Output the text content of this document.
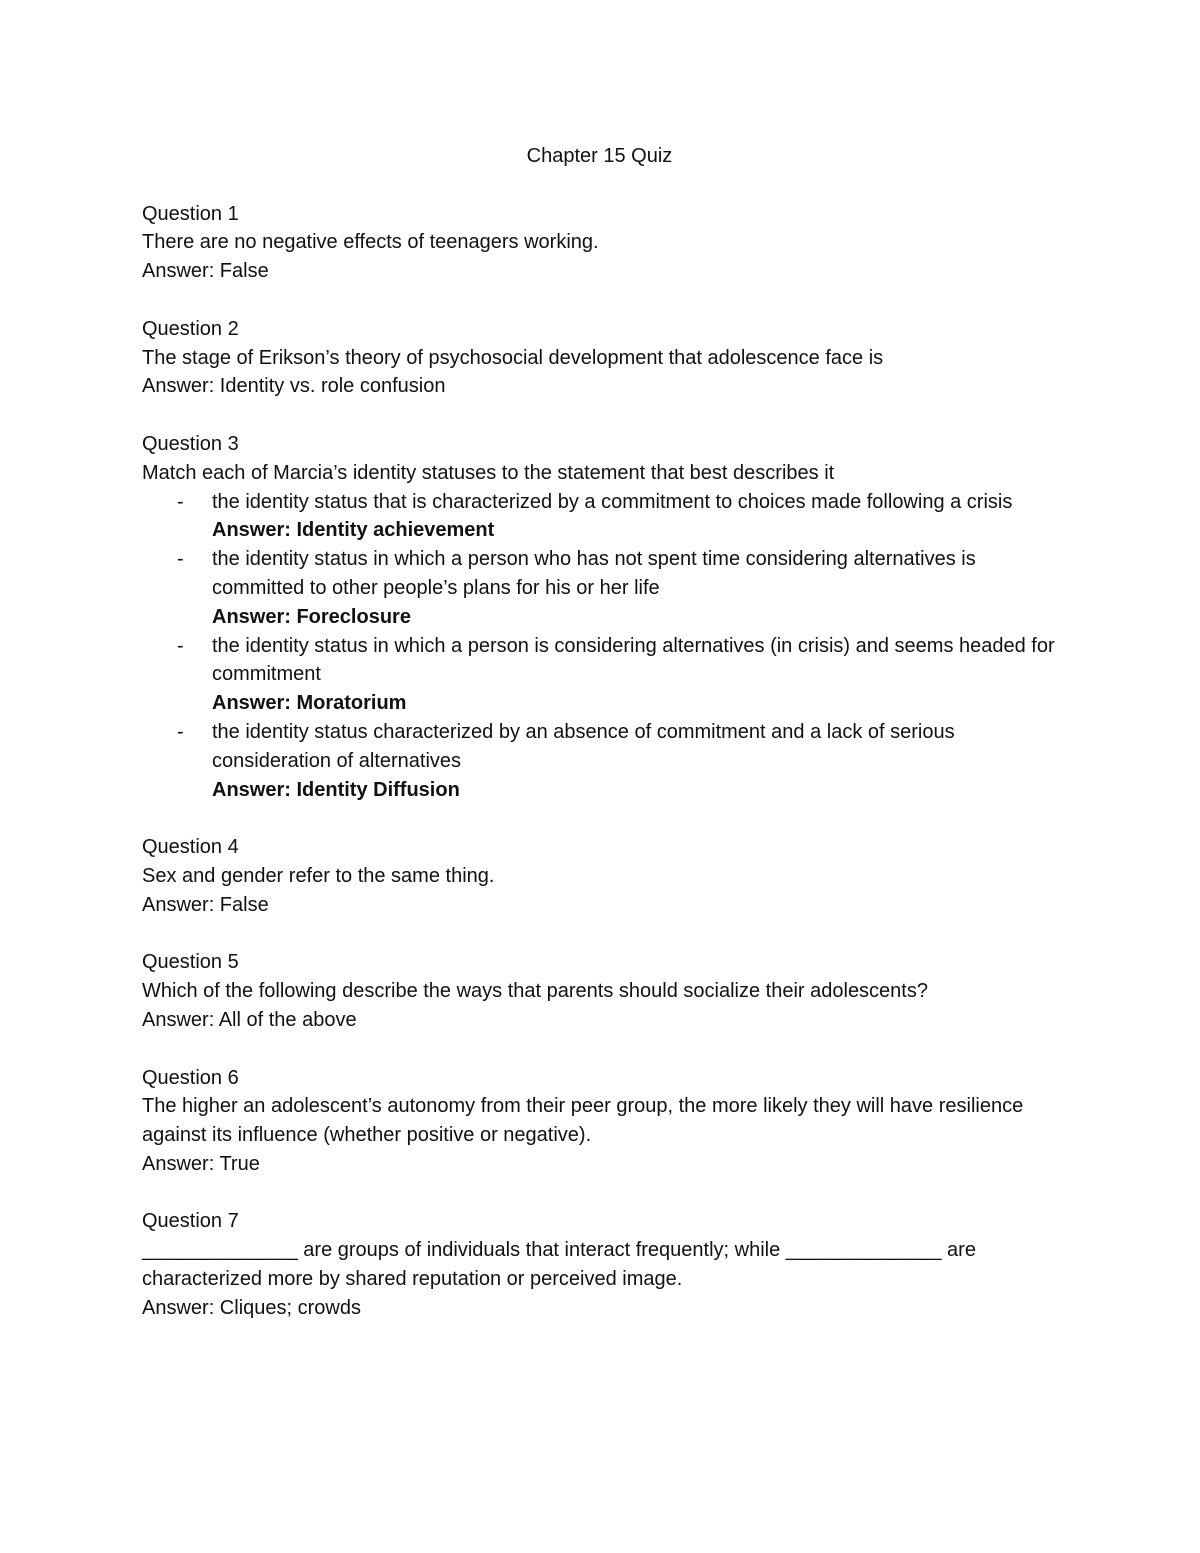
Chapter 15 Quiz
Question 1
There are no negative effects of teenagers working.
Answer: False
Question 2
The stage of Erikson’s theory of psychosocial development that adolescence face is
Answer: Identity vs. role confusion
Question 3
Match each of Marcia’s identity statuses to the statement that best describes it
- the identity status that is characterized by a commitment to choices made following a crisis
Answer: Identity achievement
- the identity status in which a person who has not spent time considering alternatives is committed to other people’s plans for his or her life
Answer: Foreclosure
- the identity status in which a person is considering alternatives (in crisis) and seems headed for commitment
Answer: Moratorium
- the identity status characterized by an absence of commitment and a lack of serious consideration of alternatives
Answer: Identity Diffusion
Question 4
Sex and gender refer to the same thing.
Answer: False
Question 5
Which of the following describe the ways that parents should socialize their adolescents?
Answer: All of the above
Question 6
The higher an adolescent’s autonomy from their peer group, the more likely they will have resilience against its influence (whether positive or negative).
Answer: True
Question 7
______________ are groups of individuals that interact frequently; while ______________ are characterized more by shared reputation or perceived image.
Answer: Cliques; crowds
